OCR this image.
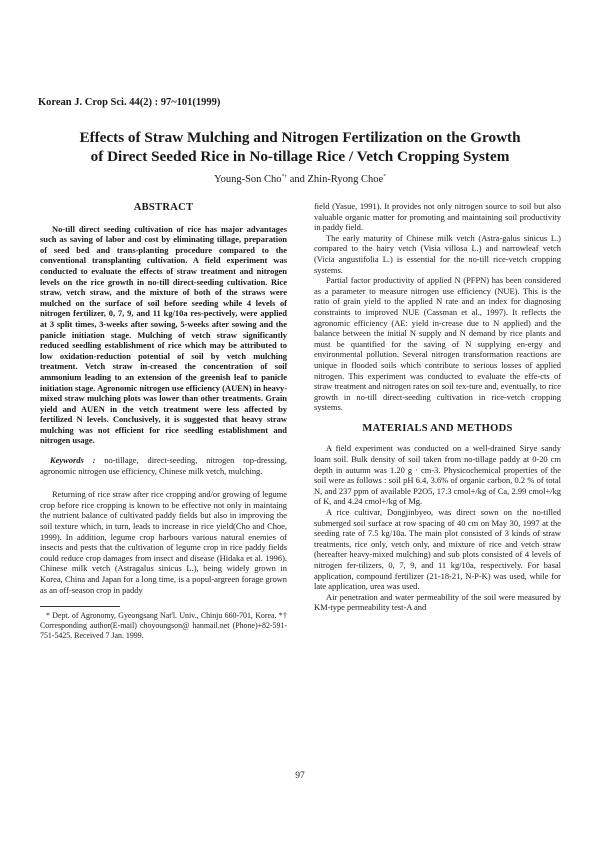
Korean J. Crop Sci. 44(2) : 97~101(1999)
Effects of Straw Mulching and Nitrogen Fertilization on the Growth
of Direct Seeded Rice in No-tillage Rice / Vetch Cropping System
Young-Son Cho*† and Zhin-Ryong Choe*

ABSTRACT

No-till direct seeding cultivation of rice has major advantages such as saving of labor and cost by eliminating tillage, preparation of seed bed and trans-planting procedure compared to the conventional transplanting cultivation. A field experiment was conducted to evaluate the effects of straw treatment and nitrogen levels on the rice growth in no-till direct-seeding cultivation. Rice straw, vetch straw, and the mixture of both of the straws were mulched on the surface of soil before seeding while 4 levels of nitrogen fertilizer, 0, 7, 9, and 11 kg/10a res-pectively, were applied at 3 split times, 3-weeks after sowing, 5-weeks after sowing and the panicle initiation stage. Mulching of vetch straw significantly reduced seedling establishment of rice which may be attributed to low oxidation-reduction potential of soil by vetch mulching treatment. Vetch straw in-creased the concentration of soil ammonium leading to an extension of the greenish leaf to panicle initiation stage. Agronomic nitrogen use efficiency (AUEN) in heavy-mixed straw mulching plots was lower than other treatments. Grain yield and AUEN in the vetch treatment were less affected by fertilized N levels. Conclusively, it is suggested that heavy straw mulching was not efficient for rice seedling establishment and nitrogen usage.

Keywords : no-tillage, direct-seeding, nitrogen top-dressing, agronomic nitrogen use efficiency, Chinese milk vetch, mulching.

Returning of rice straw after rice cropping and/or growing of legume crop before rice cropping is known to be effective not only in maintaing the nutrient balance of cultivated paddy fields but also in improving the soil texture which, in turn, leads to increase in rice yield(Cho and Choe, 1999). In addition, legume crop harbours various natural enemies of insects and pests that the cultivation of legume crop in rice paddy fields could reduce crop damages from insect and disease (Hidaka et al. 1996). Chinese milk vetch (Astragalus sinicus L.), being widely grown in Korea, China and Japan for a long time, is a popul-argreen forage grown as an off-season crop in paddy

* Dept. of Agronomy, Gyeongsang Nat'l. Univ., Chinju 660-701, Korea. *† Corresponding author(E-mail) choyoungson@ hanmail.net (Phone)+82-591-751-5425. Received 7 Jan. 1999.

field (Yasue, 1991). It provides not only nitrogen source to soil but also valuable organic matter for promoting and maintaining soil productivity in paddy field.

The early maturity of Chinese milk vetch (Astra-galus sinicus L.) compared to the hairy vetch (Visia villosa L.) and narrowleaf vetch (Vicia angustifolia L.) is essential for the no-till rice-vetch cropping systems.

Partial factor productivity of applied N (PFPN) has been considered as a parameter to measure nitrogen use efficiency (NUE). This is the ratio of grain yield to the applied N rate and an index for diagnosing constraints to improved NUE (Cassman et al., 1997). It reflects the agronomic efficiency (AE: yield in-crease due to N applied) and the balance between the initial N supply and N demand by rice plants and must be quantified for the saving of N supplying en-ergy and environmental pollution. Several nitrogen transformation reactions are unique in flooded soils which contribute to serious losses of applied nitrogen. This experiment was conducted to evaluate the effe-cts of straw treatment and nitrogen rates on soil tex-ture and, eventually, to rice growth in no-till direct-seeding cultivation in rice-vetch cropping systems.

MATERIALS AND METHODS

A field experiment was conducted on a well-drained Sirye sandy loam soil. Bulk density of soil taken from no-tillage paddy at 0-20 cm depth in autumn was 1.20 g · cm-3. Physicochemical properties of the soil were as follows : soil pH 6.4, 3.6% of organic carbon, 0.2 % of total N, and 237 ppm of available P2O5, 17.3 cmol+/kg of Ca, 2.99 cmol+/kg of K, and 4.24 cmol+/kg of Mg.

A rice cultivar, Dongjinbyeo, was direct sown on the no-tilled submerged soil surface at row spacing of 40 cm on May 30, 1997 at the seeding rate of 7.5 kg/10a. The main plot consisted of 3 kinds of straw treatments, rice only, vetch only, and mixture of rice and vetch straw (hereafter heavy-mixed mulching) and sub plots consisted of 4 levels of nitrogen fer-tilizers, 0, 7, 9, and 11 kg/10a, respectively. For basal application, compound fertilizer (21-18-21, N-P-K) was used, while for late application, urea was used.

Air penetration and water permeability of the soil were measured by KM-type permeability test-A and

97
